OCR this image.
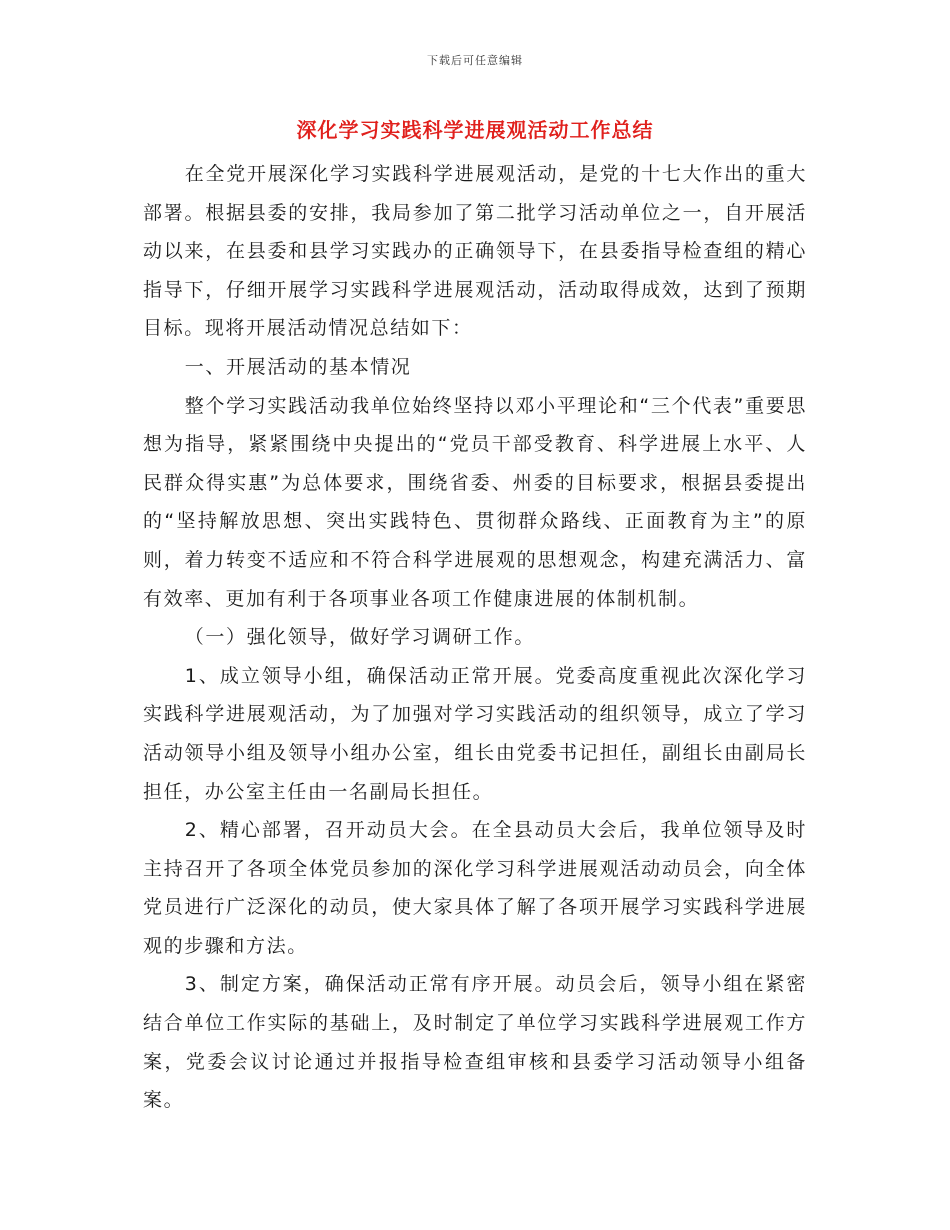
下载后可任意编辑
深化学习实践科学进展观活动工作总结

在全党开展深化学习实践科学进展观活动，是党的十七大作出的重大部署。根据县委的安排，我局参加了第二批学习活动单位之一，自开展活动以来，在县委和县学习实践办的正确领导下，在县委指导检查组的精心指导下，仔细开展学习实践科学进展观活动，活动取得成效，达到了预期目标。现将开展活动情况总结如下：

一、开展活动的基本情况

整个学习实践活动我单位始终坚持以邓小平理论和“三个代表”重要思想为指导，紧紧围绕中央提出的“党员干部受教育、科学进展上水平、人民群众得实惠”为总体要求，围绕省委、州委的目标要求，根据县委提出的“坚持解放思想、突出实践特色、贯彻群众路线、正面教育为主”的原则，着力转变不适应和不符合科学进展观的思想观念，构建充满活力、富有效率、更加有利于各项事业各项工作健康进展的体制机制。

（一）强化领导，做好学习调研工作。

1、成立领导小组，确保活动正常开展。党委高度重视此次深化学习实践科学进展观活动，为了加强对学习实践活动的组织领导，成立了学习活动领导小组及领导小组办公室，组长由党委书记担任，副组长由副局长担任，办公室主任由一名副局长担任。

2、精心部署，召开动员大会。在全县动员大会后，我单位领导及时主持召开了各项全体党员参加的深化学习科学进展观活动动员会，向全体党员进行广泛深化的动员，使大家具体了解了各项开展学习实践科学进展观的步骤和方法。

3、制定方案，确保活动正常有序开展。动员会后，领导小组在紧密结合单位工作实际的基础上，及时制定了单位学习实践科学进展观工作方案，党委会议讨论通过并报指导检查组审核和县委学习活动领导小组备案。
